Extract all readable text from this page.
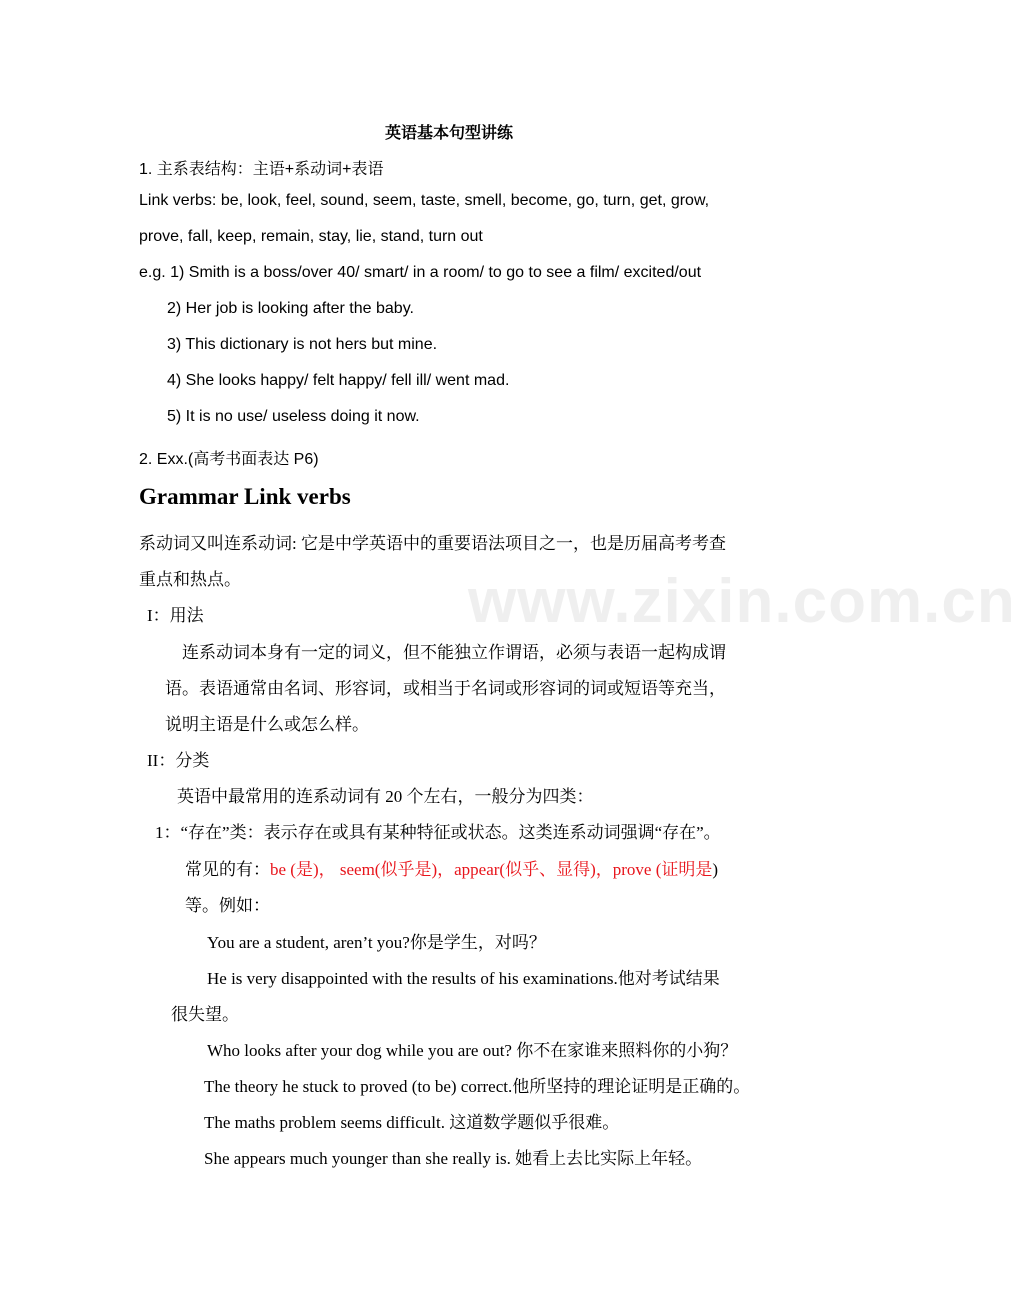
www.zixin.com.cn
英语基本句型讲练
1. 主系表结构：主语+系动词+表语
Link verbs: be, look, feel, sound, seem, taste, smell, become, go, turn, get, grow,
prove, fall, keep, remain, stay, lie, stand, turn out
e.g. 1) Smith is a boss/over 40/ smart/ in a room/ to go to see a film/ excited/out
2) Her job is looking after the baby.
3) This dictionary is not hers but mine.
4) She looks happy/ felt happy/ fell ill/ went mad.
5) It is no use/ useless doing it now.
2. Exx.(高考书面表达 P6)
Grammar Link verbs
系动词又叫连系动词: 它是中学英语中的重要语法项目之一，也是历届高考考查
重点和热点。
I：用法
连系动词本身有一定的词义，但不能独立作谓语，必须与表语一起构成谓
语。表语通常由名词、形容词，或相当于名词或形容词的词或短语等充当，
说明主语是什么或怎么样。
II：分类
英语中最常用的连系动词有 20 个左右，一般分为四类：
1：“存在”类：表示存在或具有某种特征或状态。这类连系动词强调“存在”。
常见的有：be (是)， seem(似乎是)，appear(似乎、显得)，prove (证明是)
等。例如：
You are a student, aren’t you?你是学生，对吗？
He is very disappointed with the results of his examinations.他对考试结果
很失望。
Who looks after your dog while you are out? 你不在家谁来照料你的小狗？
The theory he stuck to proved (to be) correct.他所坚持的理论证明是正确的。
The maths problem seems difficult. 这道数学题似乎很难。
She appears much younger than she really is. 她看上去比实际上年轻。
